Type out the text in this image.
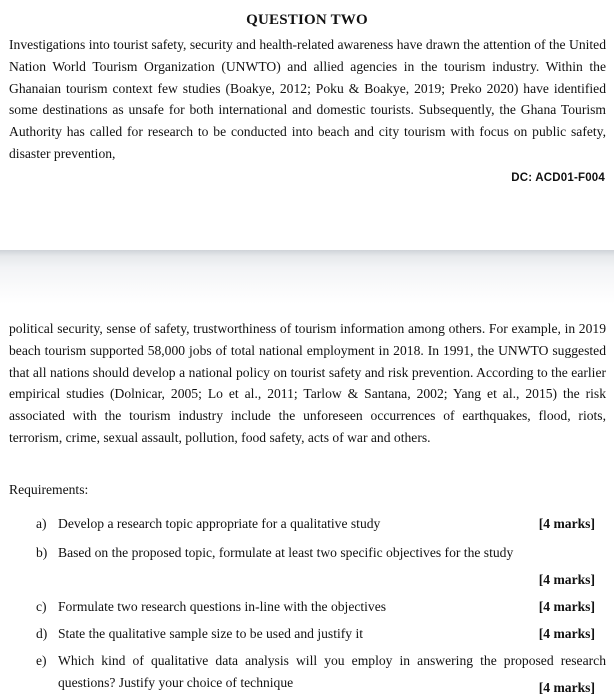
QUESTION TWO
Investigations into tourist safety, security and health-related awareness have drawn the attention of the United Nation World Tourism Organization (UNWTO) and allied agencies in the tourism industry. Within the Ghanaian tourism context few studies (Boakye, 2012; Poku & Boakye, 2019; Preko 2020) have identified some destinations as unsafe for both international and domestic tourists. Subsequently, the Ghana Tourism Authority has called for research to be conducted into beach and city tourism with focus on public safety, disaster prevention,
DC: ACD01-F004
political security, sense of safety, trustworthiness of tourism information among others. For example, in 2019 beach tourism supported 58,000 jobs of total national employment in 2018. In 1991, the UNWTO suggested that all nations should develop a national policy on tourist safety and risk prevention. According to the earlier empirical studies (Dolnicar, 2005; Lo et al., 2011; Tarlow & Santana, 2002; Yang et al., 2015) the risk associated with the tourism industry include the unforeseen occurrences of earthquakes, flood, riots, terrorism, crime, sexual assault, pollution, food safety, acts of war and others.
Requirements:
a) Develop a research topic appropriate for a qualitative study	[4 marks]
b) Based on the proposed topic, formulate at least two specific objectives for the study
[4 marks]
c) Formulate two research questions in-line with the objectives	[4 marks]
d) State the qualitative sample size to be used and justify it	[4 marks]
e) Which kind of qualitative data analysis will you employ in answering the proposed research questions? Justify your choice of technique	[4 marks]
